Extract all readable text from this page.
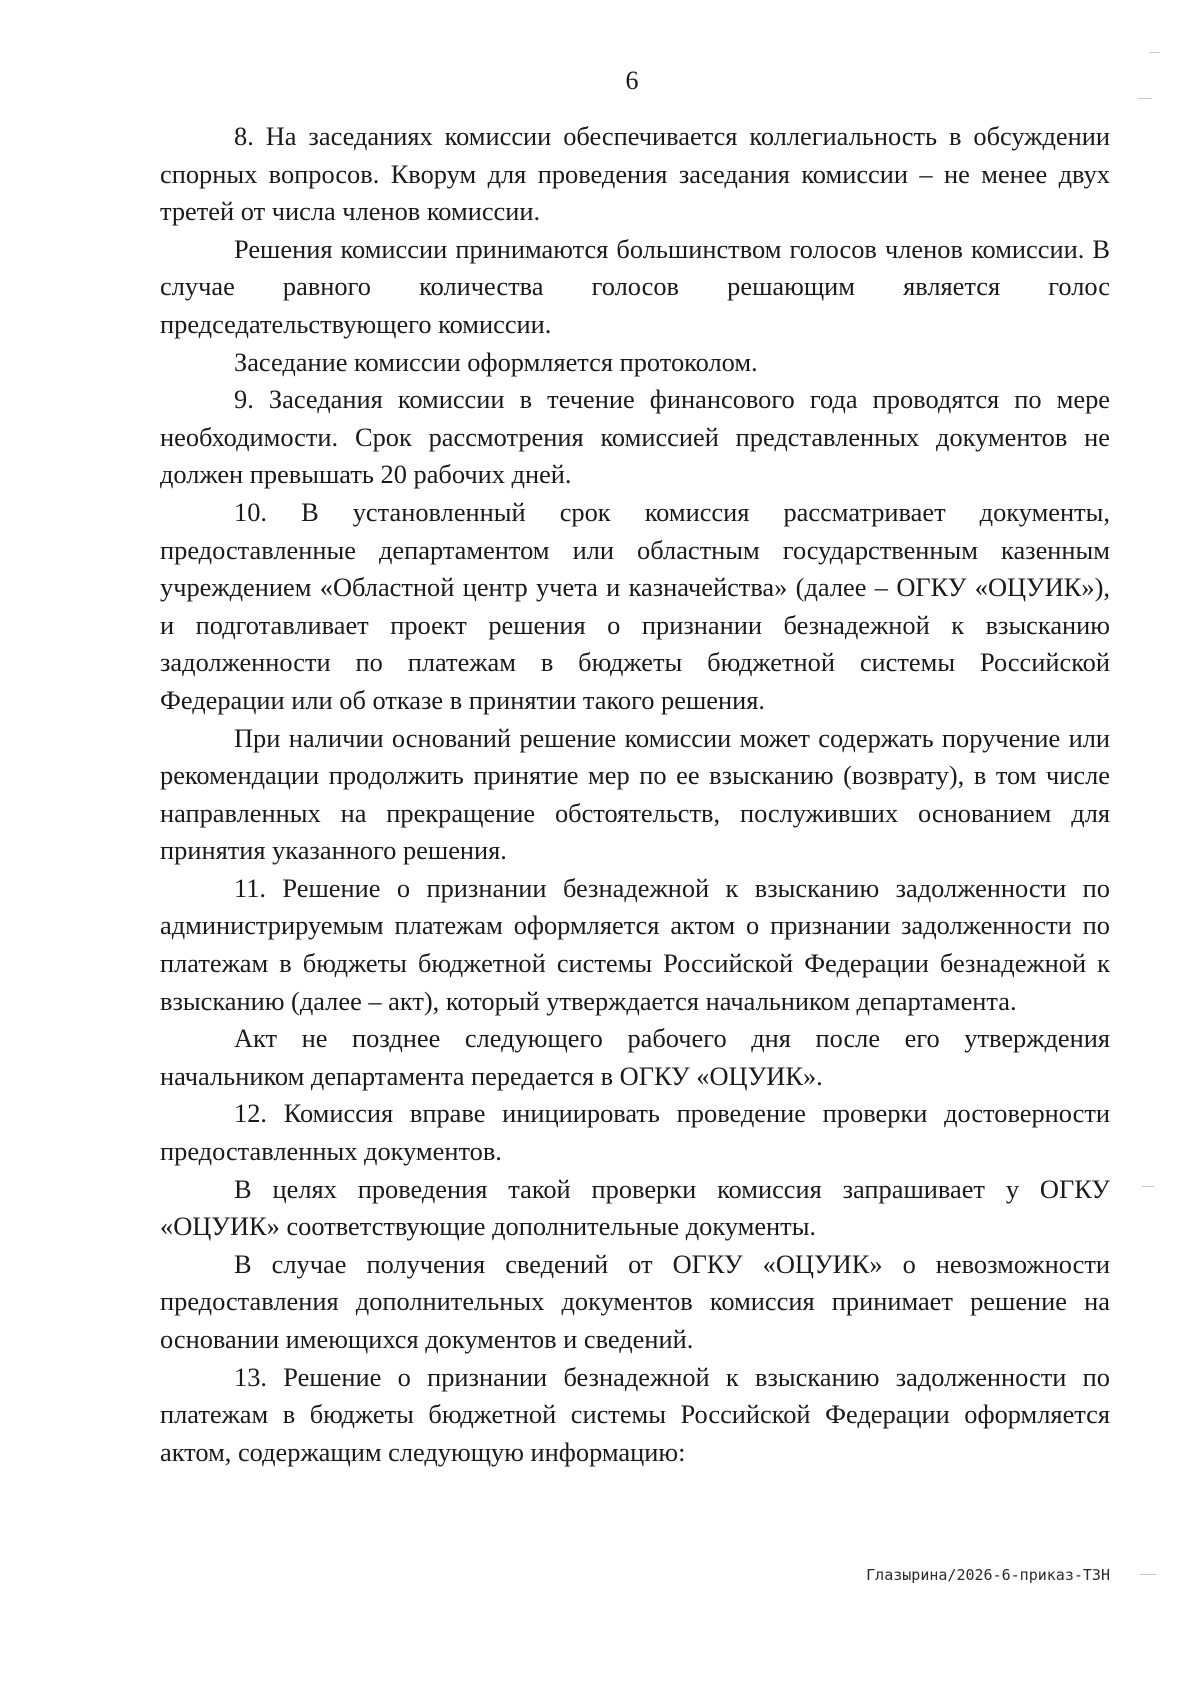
6

8. На заседаниях комиссии обеспечивается коллегиальность в обсуждении спорных вопросов. Кворум для проведения заседания комиссии – не менее двух третей от числа членов комиссии.

Решения комиссии принимаются большинством голосов членов комиссии. В случае равного количества голосов решающим является голос председательствующего комиссии.

Заседание комиссии оформляется протоколом.

9. Заседания комиссии в течение финансового года проводятся по мере необходимости. Срок рассмотрения комиссией представленных документов не должен превышать 20 рабочих дней.

10. В установленный срок комиссия рассматривает документы, предоставленные департаментом или областным государственным казенным учреждением «Областной центр учета и казначейства» (далее – ОГКУ «ОЦУИК»), и подготавливает проект решения о признании безнадежной к взысканию задолженности по платежам в бюджеты бюджетной системы Российской Федерации или об отказе в принятии такого решения.

При наличии оснований решение комиссии может содержать поручение или рекомендации продолжить принятие мер по ее взысканию (возврату), в том числе направленных на прекращение обстоятельств, послуживших основанием для принятия указанного решения.

11. Решение о признании безнадежной к взысканию задолженности по администрируемым платежам оформляется актом о признании задолженности по платежам в бюджеты бюджетной системы Российской Федерации безнадежной к взысканию (далее – акт), который утверждается начальником департамента.

Акт не позднее следующего рабочего дня после его утверждения начальником департамента передается в ОГКУ «ОЦУИК».

12. Комиссия вправе инициировать проведение проверки достоверности предоставленных документов.

В целях проведения такой проверки комиссия запрашивает у ОГКУ «ОЦУИК» соответствующие дополнительные документы.

В случае получения сведений от ОГКУ «ОЦУИК» о невозможности предоставления дополнительных документов комиссия принимает решение на основании имеющихся документов и сведений.

13. Решение о признании безнадежной к взысканию задолженности по платежам в бюджеты бюджетной системы Российской Федерации оформляется актом, содержащим следующую информацию:

Глазырина/2026-6-приказ-ТЗН
